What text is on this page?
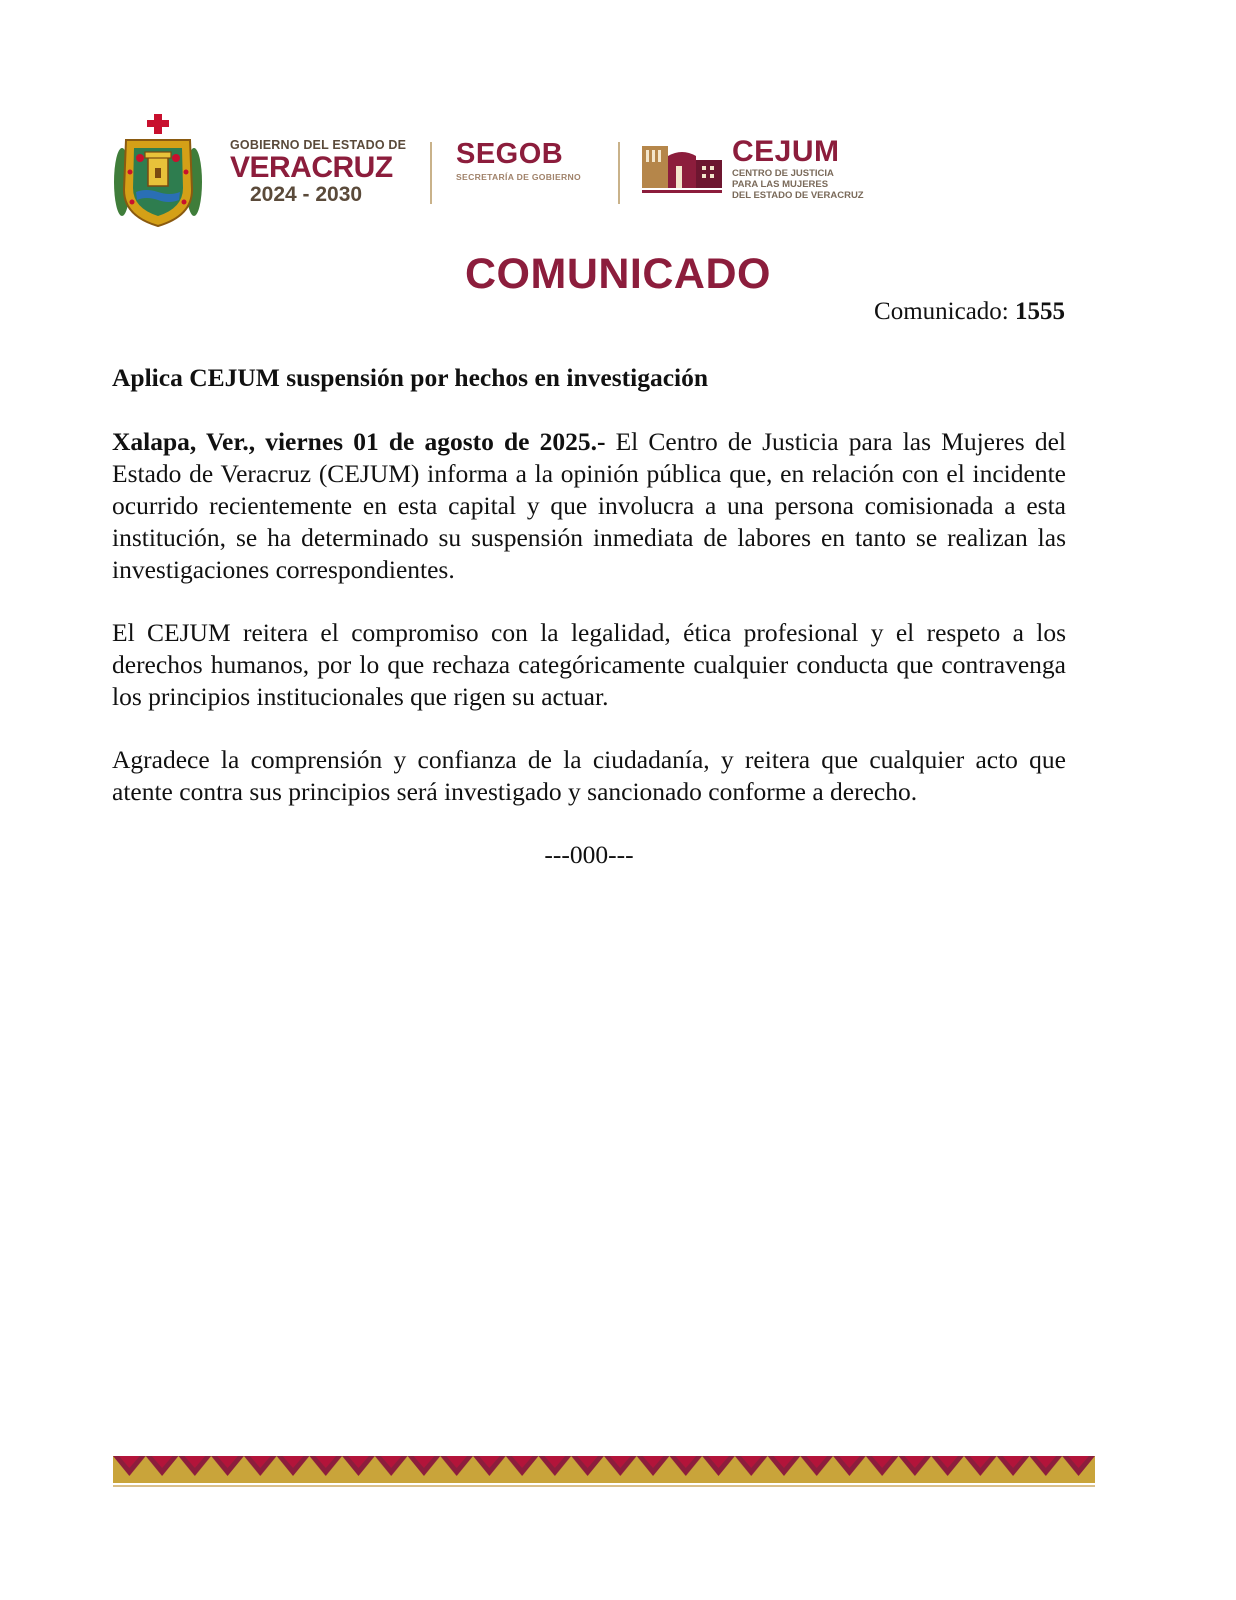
GOBIERNO DEL ESTADO DE
VERACRUZ
2024 - 2030
SEGOB
SECRETARÍA DE GOBIERNO
CEJUM
CENTRO DE JUSTICIA
PARA LAS MUJERES
DEL ESTADO DE VERACRUZ
COMUNICADO
Comunicado: 1555
Aplica CEJUM suspensión por hechos en investigación
Xalapa, Ver., viernes 01 de agosto de 2025.- El Centro de Justicia para las Mujeres del Estado de Veracruz (CEJUM) informa a la opinión pública que, en relación con el incidente ocurrido recientemente en esta capital y que involucra a una persona comisionada a esta institución, se ha determinado su suspensión inmediata de labores en tanto se realizan las investigaciones correspondientes.
El CEJUM reitera el compromiso con la legalidad, ética profesional y el respeto a los derechos humanos, por lo que rechaza categóricamente cualquier conducta que contravenga los principios institucionales que rigen su actuar.
Agradece la comprensión y confianza de la ciudadanía, y reitera que cualquier acto que atente contra sus principios será investigado y sancionado conforme a derecho.
---000---
